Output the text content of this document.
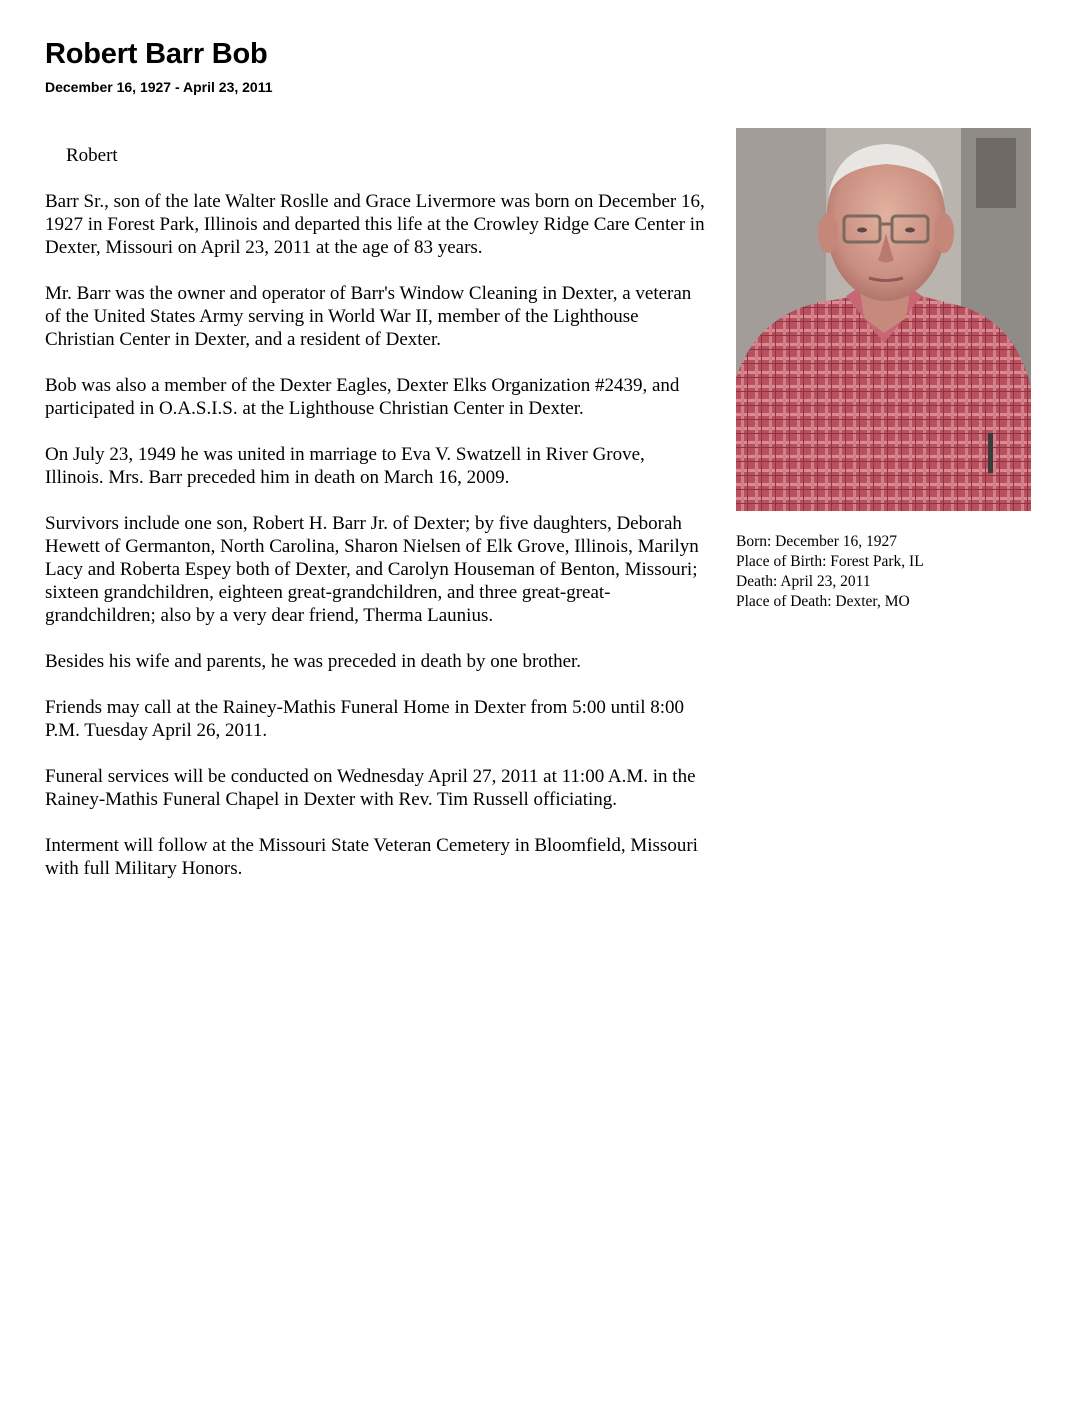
Robert Barr Bob
December 16, 1927 - April 23, 2011

Robert

Barr Sr., son of the late Walter Roslle and Grace Livermore was born on December 16, 1927 in Forest Park, Illinois and departed this life at the Crowley Ridge Care Center in Dexter, Missouri on April 23, 2011 at the age of 83 years.

Mr. Barr was the owner and operator of Barr's Window Cleaning in Dexter, a veteran of the United States Army serving in World War II, member of the Lighthouse Christian Center in Dexter, and a resident of Dexter.

Bob was also a member of the Dexter Eagles, Dexter Elks Organization #2439, and participated in O.A.S.I.S. at the Lighthouse Christian Center in Dexter.

On July 23, 1949 he was united in marriage to Eva V. Swatzell in River Grove, Illinois. Mrs. Barr preceded him in death on March 16, 2009.

Survivors include one son, Robert H. Barr Jr. of Dexter; by five daughters, Deborah Hewett of Germanton, North Carolina, Sharon Nielsen of Elk Grove, Illinois, Marilyn Lacy and Roberta Espey both of Dexter, and Carolyn Houseman of Benton, Missouri; sixteen grandchildren, eighteen great-grandchildren, and three great-great-grandchildren; also by a very dear friend, Therma Launius.

Besides his wife and parents, he was preceded in death by one brother.

Friends may call at the Rainey-Mathis Funeral Home in Dexter from 5:00 until 8:00 P.M. Tuesday April 26, 2011.

Funeral services will be conducted on Wednesday April 27, 2011 at 11:00 A.M. in the Rainey-Mathis Funeral Chapel in Dexter with Rev. Tim Russell officiating.

Interment will follow at the Missouri State Veteran Cemetery in Bloomfield, Missouri with full Military Honors.

Born: December 16, 1927
Place of Birth: Forest Park, IL
Death: April 23, 2011
Place of Death: Dexter, MO
